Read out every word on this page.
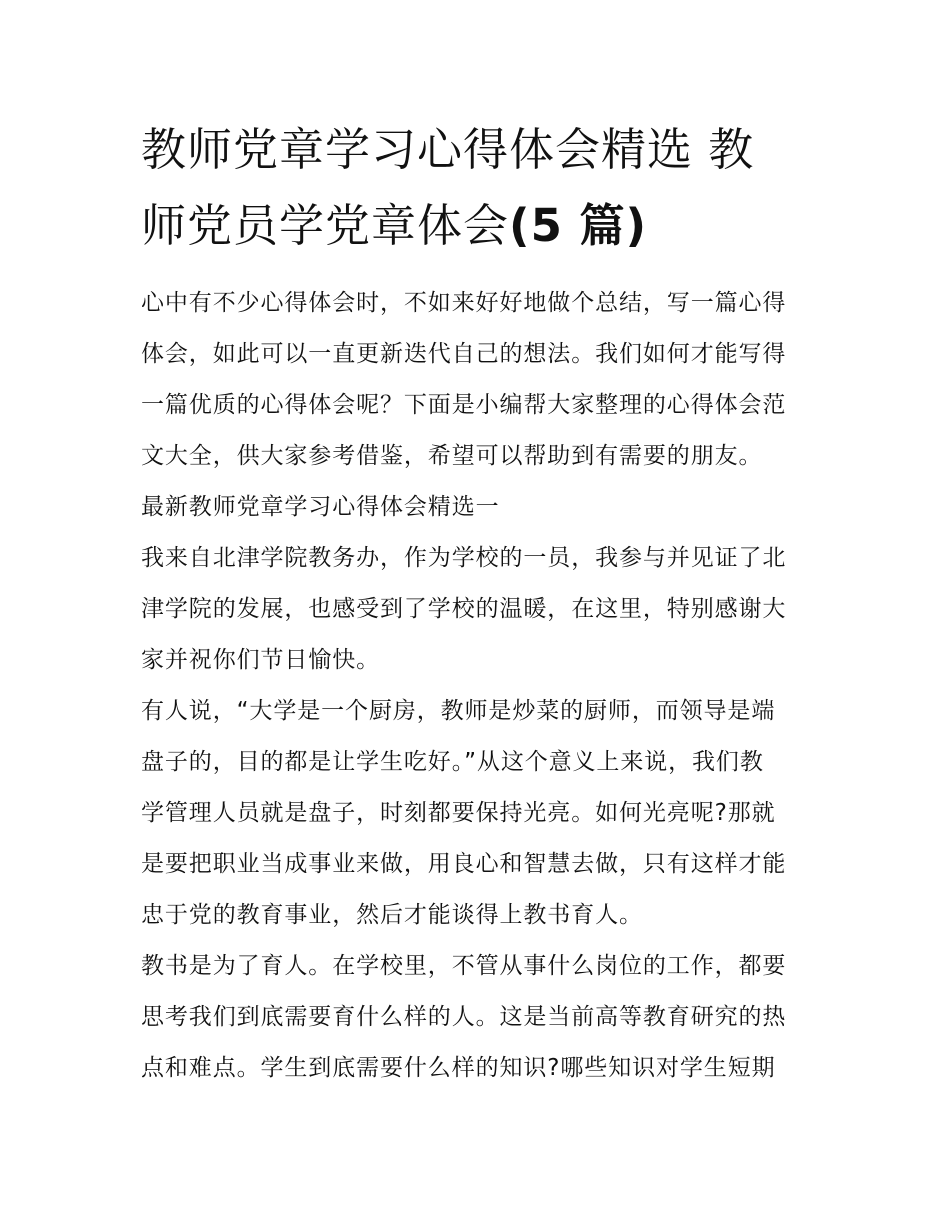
教师党章学习心得体会精选 教
师党员学党章体会(5 篇)

心中有不少心得体会时，不如来好好地做个总结，写一篇心得
体会，如此可以一直更新迭代自己的想法。我们如何才能写得
一篇优质的心得体会呢？下面是小编帮大家整理的心得体会范
文大全，供大家参考借鉴，希望可以帮助到有需要的朋友。

最新教师党章学习心得体会精选一

我来自北津学院教务办，作为学校的一员，我参与并见证了北
津学院的发展，也感受到了学校的温暖，在这里，特别感谢大
家并祝你们节日愉快。

有人说，“大学是一个厨房，教师是炒菜的厨师，而领导是端
盘子的，目的都是让学生吃好。”从这个意义上来说，我们教
学管理人员就是盘子，时刻都要保持光亮。如何光亮呢?那就
是要把职业当成事业来做，用良心和智慧去做，只有这样才能
忠于党的教育事业，然后才能谈得上教书育人。

教书是为了育人。在学校里，不管从事什么岗位的工作，都要
思考我们到底需要育什么样的人。这是当前高等教育研究的热
点和难点。学生到底需要什么样的知识?哪些知识对学生短期
